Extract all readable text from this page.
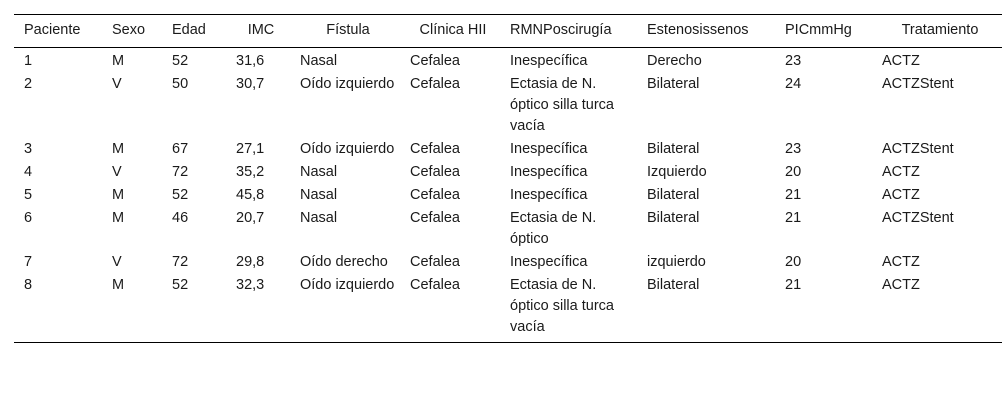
Paciente	Sexo	Edad	IMC	Fístula	Clínica HII	RMNPoscirugía	Estenosissenos	PICmmHg	Tratamiento
1	M	52	31,6	Nasal	Cefalea	Inespecífica	Derecho	23	ACTZ
2	V	50	30,7	Oído izquierdo	Cefalea	Ectasia de N. óptico silla turca vacía	Bilateral	24	ACTZStent
3	M	67	27,1	Oído izquierdo	Cefalea	Inespecífica	Bilateral	23	ACTZStent
4	V	72	35,2	Nasal	Cefalea	Inespecífica	Izquierdo	20	ACTZ
5	M	52	45,8	Nasal	Cefalea	Inespecífica	Bilateral	21	ACTZ
6	M	46	20,7	Nasal	Cefalea	Ectasia de N. óptico	Bilateral	21	ACTZStent
7	V	72	29,8	Oído derecho	Cefalea	Inespecífica	izquierdo	20	ACTZ
8	M	52	32,3	Oído izquierdo	Cefalea	Ectasia de N. óptico silla turca vacía	Bilateral	21	ACTZ
